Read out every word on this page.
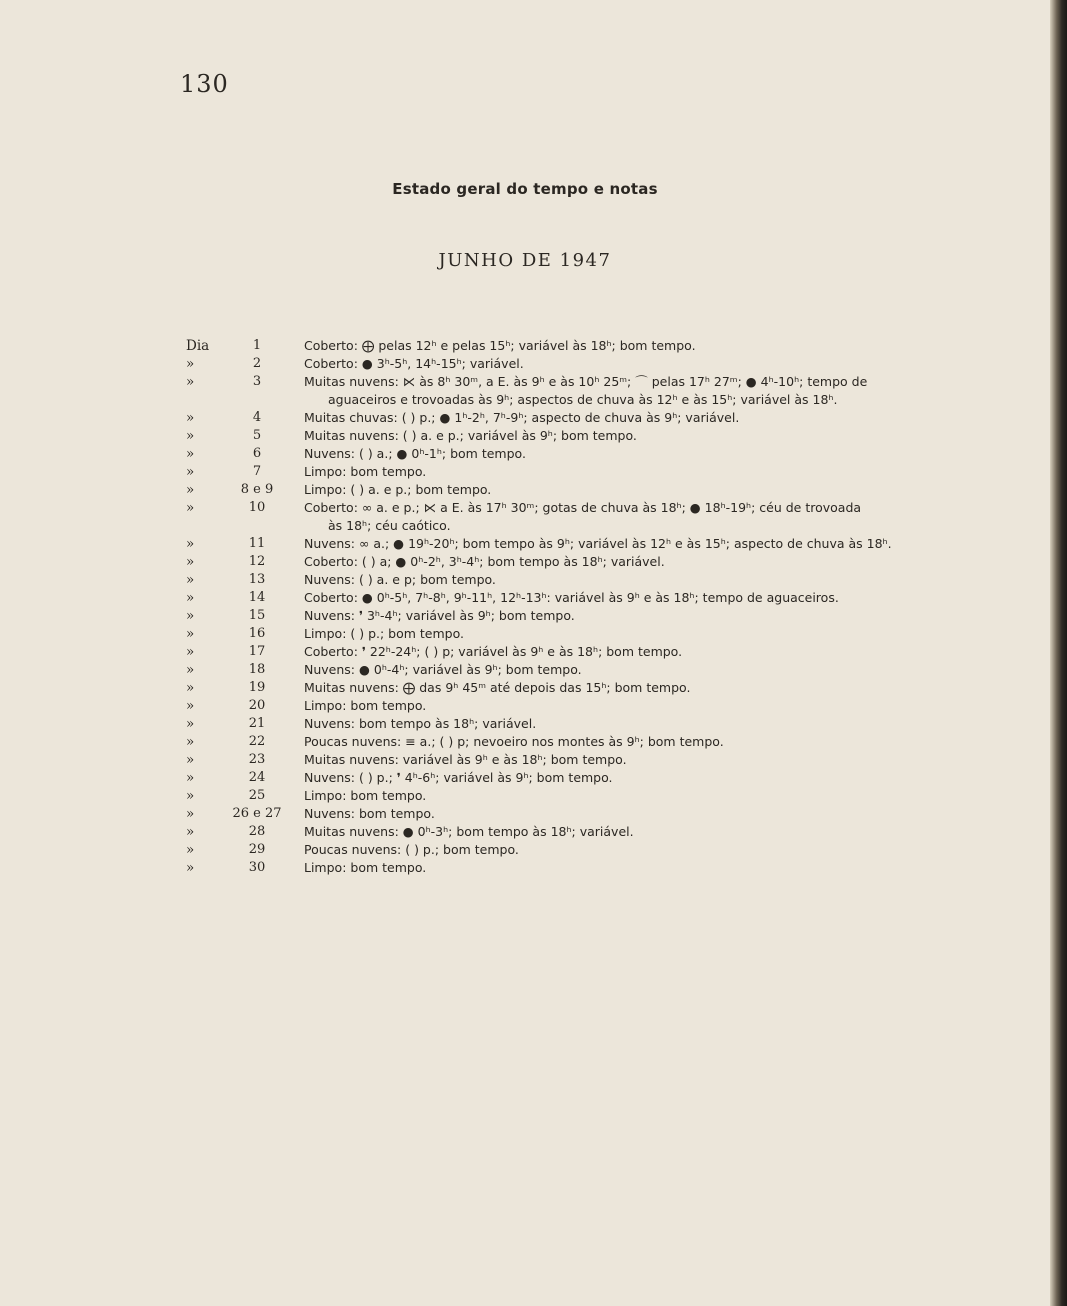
130
Estado geral do tempo e notas
JUNHO DE 1947
Dia	1	Coberto: ⨁ pelas 12ʰ e pelas 15ʰ; variável às 18ʰ; bom tempo.
»	2	Coberto: ● 3ʰ-5ʰ, 14ʰ-15ʰ; variável.
»	3	Muitas nuvens: ⋉ às 8ʰ 30ᵐ, a E. às 9ʰ e às 10ʰ 25ᵐ; ⌒ pelas 17ʰ 27ᵐ; ● 4ʰ-10ʰ; tempo de
aguaceiros e trovoadas às 9ʰ; aspectos de chuva às 12ʰ e às 15ʰ; variável às 18ʰ.
»	4	Muitas chuvas: ( ) p.; ● 1ʰ-2ʰ, 7ʰ-9ʰ; aspecto de chuva às 9ʰ; variável.
»	5	Muitas nuvens: ( ) a. e p.; variável às 9ʰ; bom tempo.
»	6	Nuvens: ( ) a.; ● 0ʰ-1ʰ; bom tempo.
»	7	Limpo: bom tempo.
»	8 e 9	Limpo: ( ) a. e p.; bom tempo.
»	10	Coberto: ∞ a. e p.; ⋉ a E. às 17ʰ 30ᵐ; gotas de chuva às 18ʰ; ● 18ʰ-19ʰ; céu de trovoada
às 18ʰ; céu caótico.
»	11	Nuvens: ∞ a.; ● 19ʰ-20ʰ; bom tempo às 9ʰ; variável às 12ʰ e às 15ʰ; aspecto de chuva às 18ʰ.
»	12	Coberto: ( ) a; ● 0ʰ-2ʰ, 3ʰ-4ʰ; bom tempo às 18ʰ; variável.
»	13	Nuvens: ( ) a. e p; bom tempo.
»	14	Coberto: ● 0ʰ-5ʰ, 7ʰ-8ʰ, 9ʰ-11ʰ, 12ʰ-13ʰ: variável às 9ʰ e às 18ʰ; tempo de aguaceiros.
»	15	Nuvens: ❜ 3ʰ-4ʰ; variável às 9ʰ; bom tempo.
»	16	Limpo: ( ) p.; bom tempo.
»	17	Coberto: ❜ 22ʰ-24ʰ; ( ) p; variável às 9ʰ e às 18ʰ; bom tempo.
»	18	Nuvens: ● 0ʰ-4ʰ; variável às 9ʰ; bom tempo.
»	19	Muitas nuvens: ⨁ das 9ʰ 45ᵐ até depois das 15ʰ; bom tempo.
»	20	Limpo: bom tempo.
»	21	Nuvens: bom tempo às 18ʰ; variável.
»	22	Poucas nuvens: ≡ a.; ( ) p; nevoeiro nos montes às 9ʰ; bom tempo.
»	23	Muitas nuvens: variável às 9ʰ e às 18ʰ; bom tempo.
»	24	Nuvens: ( ) p.; ❜ 4ʰ-6ʰ; variável às 9ʰ; bom tempo.
»	25	Limpo: bom tempo.
»	26 e 27	Nuvens: bom tempo.
»	28	Muitas nuvens: ● 0ʰ-3ʰ; bom tempo às 18ʰ; variável.
»	29	Poucas nuvens: ( ) p.; bom tempo.
»	30	Limpo: bom tempo.
